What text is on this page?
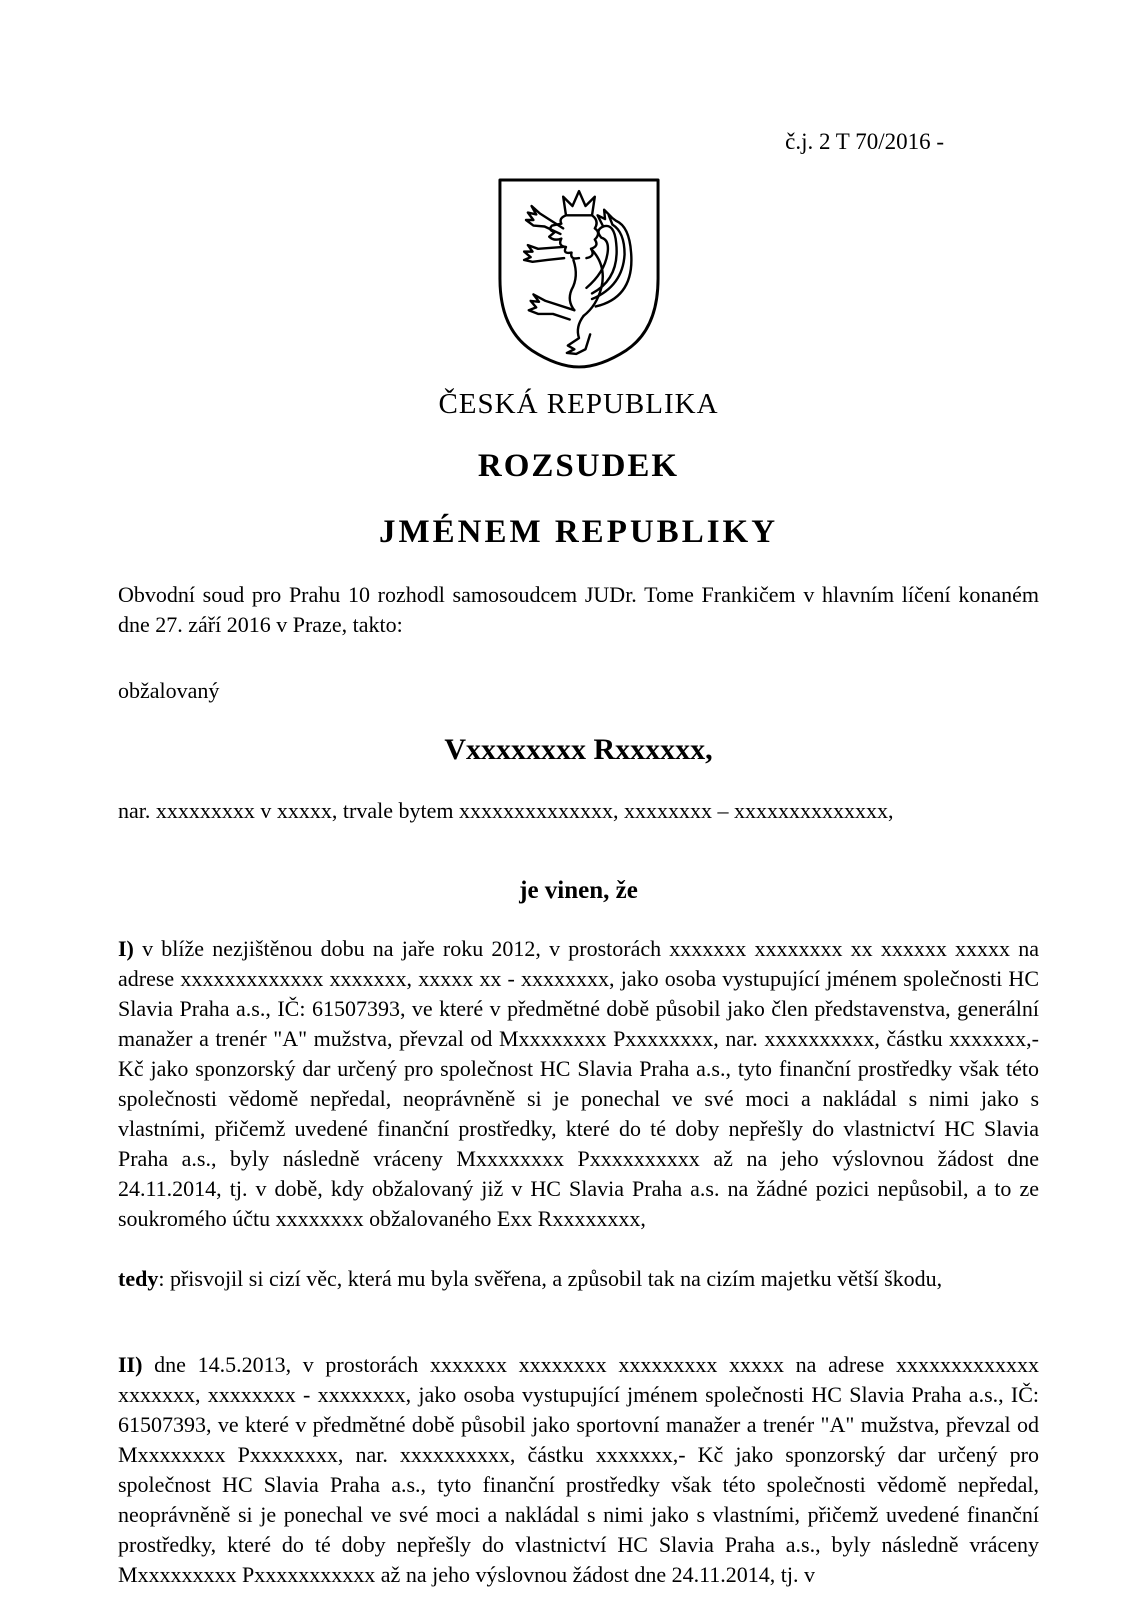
č.j. 2 T 70/2016 -
ČESKÁ REPUBLIKA
ROZSUDEK
JMÉNEM REPUBLIKY

Obvodní soud pro Prahu 10 rozhodl samosoudcem JUDr. Tome Frankičem v hlavním líčení konaném dne 27. září 2016 v Praze, takto:

obžalovaný

Vxxxxxxxx Rxxxxxx,

nar. xxxxxxxxx v xxxxx, trvale bytem xxxxxxxxxxxxxx, xxxxxxxx – xxxxxxxxxxxxxx,

je vinen, že

I) v blíže nezjištěnou dobu na jaře roku 2012, v prostorách xxxxxxx xxxxxxxx xx xxxxxx xxxxx na adrese xxxxxxxxxxxxx xxxxxxx, xxxxx xx - xxxxxxxx, jako osoba vystupující jménem společnosti HC Slavia Praha a.s., IČ: 61507393, ve které v předmětné době působil jako člen představenstva, generální manažer a trenér "A" mužstva, převzal od Mxxxxxxxx Pxxxxxxxx, nar. xxxxxxxxxx, částku xxxxxxx,- Kč jako sponzorský dar určený pro společnost HC Slavia Praha a.s., tyto finanční prostředky však této společnosti vědomě nepředal, neoprávněně si je ponechal ve své moci a nakládal s nimi jako s vlastními, přičemž uvedené finanční prostředky, které do té doby nepřešly do vlastnictví HC Slavia Praha a.s., byly následně vráceny Mxxxxxxxx Pxxxxxxxxxx až na jeho výslovnou žádost dne 24.11.2014, tj. v době, kdy obžalovaný již v HC Slavia Praha a.s. na žádné pozici nepůsobil, a to ze soukromého účtu xxxxxxxx obžalovaného Exx Rxxxxxxxx,

tedy: přisvojil si cizí věc, která mu byla svěřena, a způsobil tak na cizím majetku větší škodu,

II) dne 14.5.2013, v prostorách xxxxxxx xxxxxxxx xxxxxxxxx xxxxx na adrese xxxxxxxxxxxxx xxxxxxx, xxxxxxxx - xxxxxxxx, jako osoba vystupující jménem společnosti HC Slavia Praha a.s., IČ: 61507393, ve které v předmětné době působil jako sportovní manažer a trenér "A" mužstva, převzal od Mxxxxxxxx Pxxxxxxxx, nar. xxxxxxxxxx, částku xxxxxxx,- Kč jako sponzorský dar určený pro společnost HC Slavia Praha a.s., tyto finanční prostředky však této společnosti vědomě nepředal, neoprávněně si je ponechal ve své moci a nakládal s nimi jako s vlastními, přičemž uvedené finanční prostředky, které do té doby nepřešly do vlastnictví HC Slavia Praha a.s., byly následně vráceny Mxxxxxxxxx Pxxxxxxxxxxx až na jeho výslovnou žádost dne 24.11.2014, tj. v
